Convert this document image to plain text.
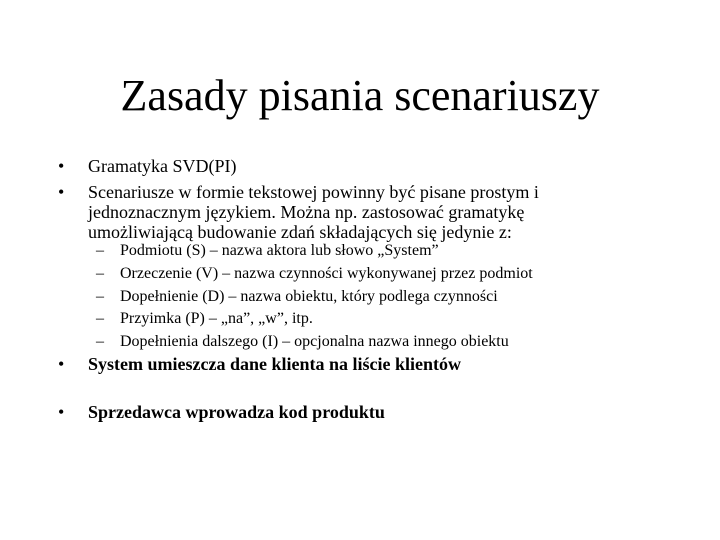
Zasady pisania scenariuszy
•	Gramatyka SVD(PI)
•	Scenariusze w formie tekstowej powinny być pisane prostym i jednoznacznym językiem. Można np. zastosować gramatykę umożliwiającą budowanie zdań składających się jedynie z:
– Podmiotu (S) – nazwa aktora lub słowo „System”
– Orzeczenie (V) – nazwa czynności wykonywanej przez podmiot
– Dopełnienie (D) – nazwa obiektu, który podlega czynności
– Przyimka (P) – „na”, „w”, itp.
– Dopełnienia dalszego (I) – opcjonalna nazwa innego obiektu
•	System umieszcza dane klienta na liście klientów
•	Sprzedawca wprowadza kod produktu
